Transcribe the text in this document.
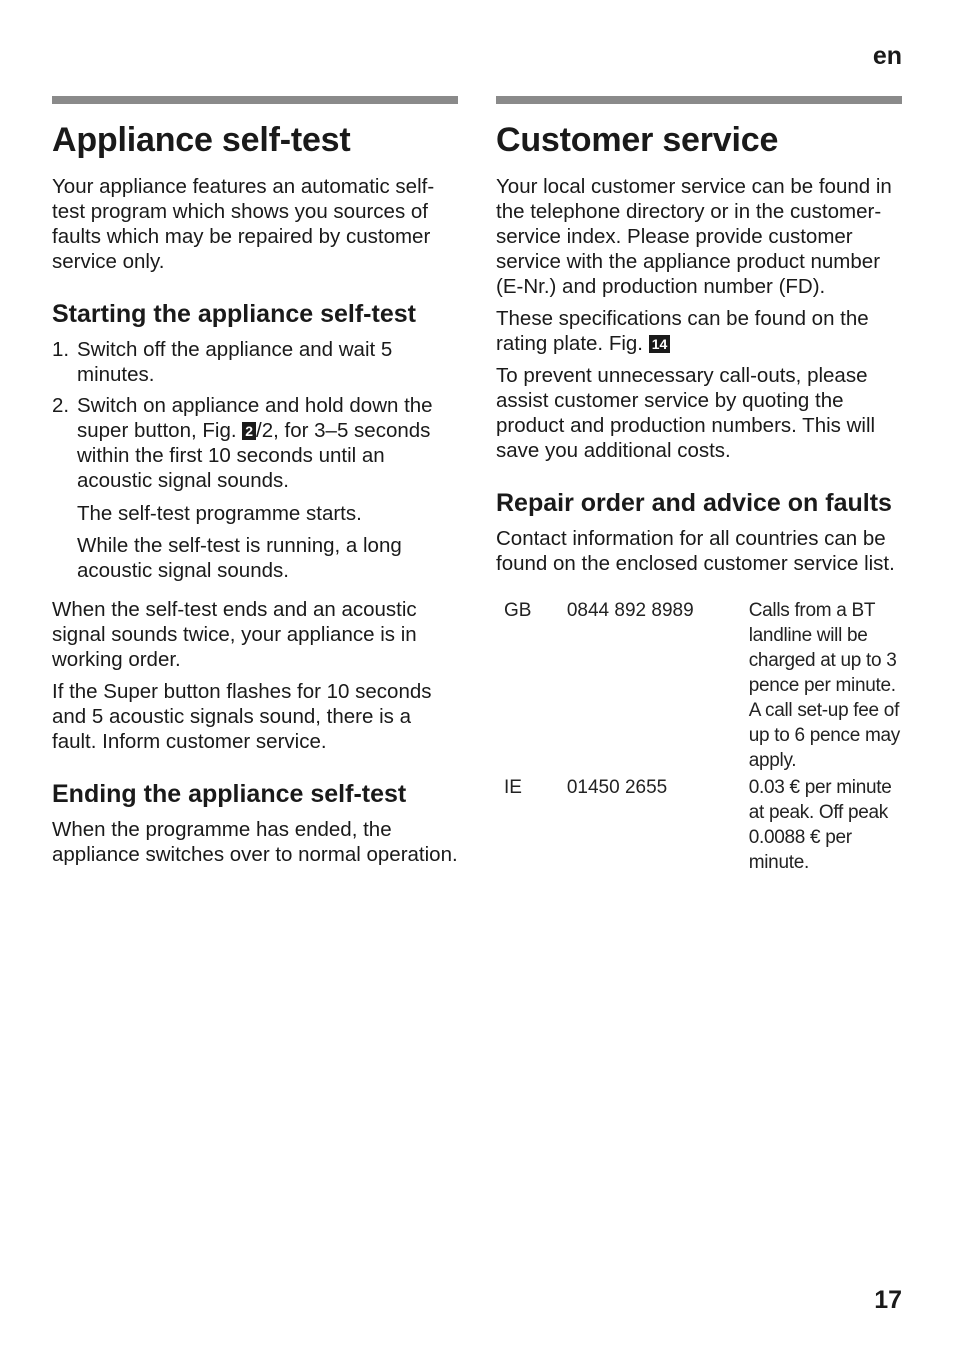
en
Appliance self-test

Your appliance features an automatic self-test program which shows you sources of faults which may be repaired by customer service only.

Starting the appliance self-test
1. Switch off the appliance and wait 5 minutes.
2. Switch on appliance and hold down the super button, Fig. 2 /2, for 3–5 seconds within the first 10 seconds until an acoustic signal sounds.

The self-test programme starts.

While the self-test is running, a long acoustic signal sounds.

When the self-test ends and an acoustic signal sounds twice, your appliance is in working order.

If the Super button flashes for 10 seconds and 5 acoustic signals sound, there is a fault. Inform customer service.

Ending the appliance self-test

When the programme has ended, the appliance switches over to normal operation.

Customer service

Your local customer service can be found in the telephone directory or in the customer-service index. Please provide customer service with the appliance product number (E-Nr.) and production number (FD).

These specifications can be found on the rating plate. Fig. 14

To prevent unnecessary call-outs, please assist customer service by quoting the product and production numbers. This will save you additional costs.

Repair order and advice on faults

Contact information for all countries can be found on the enclosed customer service list.

GB	0844 892 8989	Calls from a BT landline will be charged at up to 3 pence per minute. A call set-up fee of up to 6 pence may apply.
IE	01450 2655	0.03 € per minute at peak. Off peak 0.0088 € per minute.
17
